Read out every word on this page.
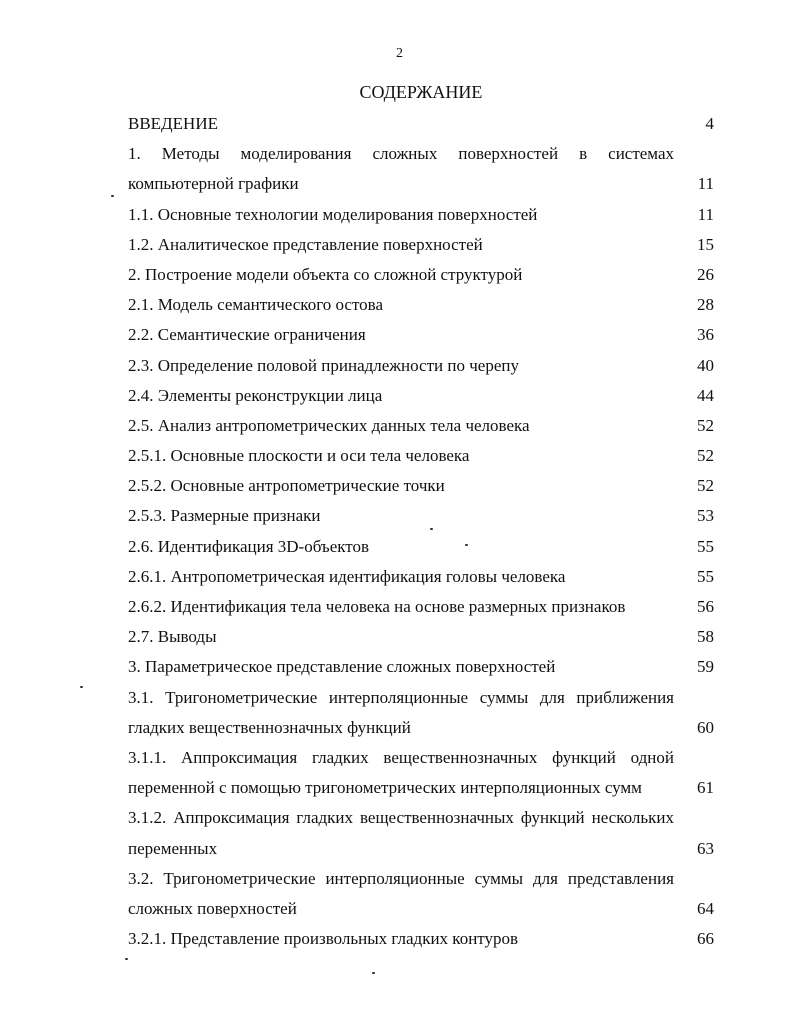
2
СОДЕРЖАНИЕ
ВВЕДЕНИЕ	4
1. Методы моделирования сложных поверхностей в системах компьютерной графики	11
1.1. Основные технологии моделирования поверхностей	11
1.2. Аналитическое представление поверхностей	15
2. Построение модели объекта со сложной структурой	26
2.1. Модель семантического остова	28
2.2. Семантические ограничения	36
2.3. Определение половой принадлежности по черепу	40
2.4. Элементы реконструкции лица	44
2.5. Анализ антропометрических данных тела человека	52
2.5.1. Основные плоскости и оси тела человека	52
2.5.2. Основные антропометрические точки	52
2.5.3. Размерные признаки	53
2.6. Идентификация 3D-объектов	55
2.6.1. Антропометрическая идентификация головы человека	55
2.6.2. Идентификация тела человека на основе размерных признаков	56
2.7. Выводы	58
3. Параметрическое представление сложных поверхностей	59
3.1. Тригонометрические интерполяционные суммы для приближения гладких вещественнозначных функций	60
3.1.1. Аппроксимация гладких вещественнозначных функций одной переменной с помощью тригонометрических интерполяционных сумм	61
3.1.2. Аппроксимация гладких вещественнозначных функций нескольких переменных	63
3.2. Тригонометрические интерполяционные суммы для представления сложных поверхностей	64
3.2.1. Представление произвольных гладких контуров	66
